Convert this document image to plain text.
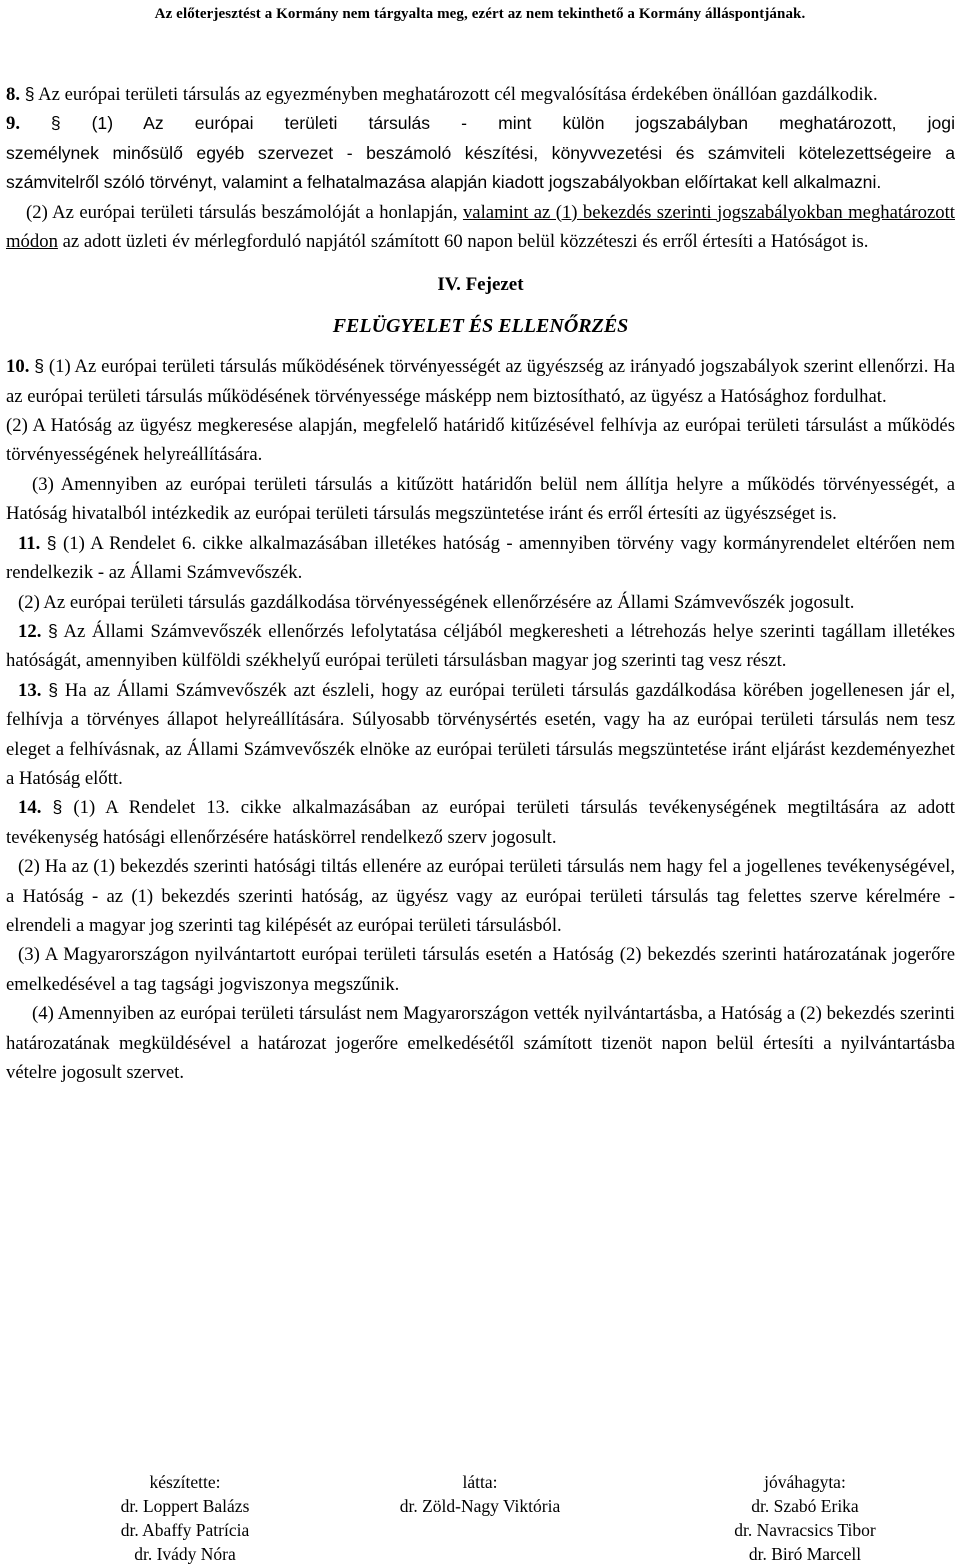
Az előterjesztést a Kormány nem tárgyalta meg, ezért az nem tekinthető a Kormány álláspontjának.

8. § Az európai területi társulás az egyezményben meghatározott cél megvalósítása érdekében önállóan gazdálkodik.

9. § (1) Az európai területi társulás - mint külön jogszabályban meghatározott, jogi

személynek minősülő egyéb szervezet - beszámoló készítési, könyvvezetési és számviteli kötelezettségeire a számvitelről szóló törvényt, valamint a felhatalmazása alapján kiadott jogszabályokban előírtakat kell alkalmazni.

(2) Az európai területi társulás beszámolóját a honlapján, valamint az (1) bekezdés szerinti jogszabályokban meghatározott módon az adott üzleti év mérlegforduló napjától számított 60 napon belül közzéteszi és erről értesíti a Hatóságot is.

IV. Fejezet
FELÜGYELET ÉS ELLENŐRZÉS

10. § (1) Az európai területi társulás működésének törvényességét az ügyészség az irányadó jogszabályok szerint ellenőrzi. Ha az európai területi társulás működésének törvényessége másképp nem biztosítható, az ügyész a Hatósághoz fordulhat.

(2) A Hatóság az ügyész megkeresése alapján, megfelelő határidő kitűzésével felhívja az európai területi társulást a működés törvényességének helyreállítására.

(3) Amennyiben az európai területi társulás a kitűzött határidőn belül nem állítja helyre a működés törvényességét, a Hatóság hivatalból intézkedik az európai területi társulás megszüntetése iránt és erről értesíti az ügyészséget is.

11. § (1) A Rendelet 6. cikke alkalmazásában illetékes hatóság - amennyiben törvény vagy kormányrendelet eltérően nem rendelkezik - az Állami Számvevőszék.

(2) Az európai területi társulás gazdálkodása törvényességének ellenőrzésére az Állami Számvevőszék jogosult.

12. § Az Állami Számvevőszék ellenőrzés lefolytatása céljából megkeresheti a létrehozás helye szerinti tagállam illetékes hatóságát, amennyiben külföldi székhelyű európai területi társulásban magyar jog szerinti tag vesz részt.

13. § Ha az Állami Számvevőszék azt észleli, hogy az európai területi társulás gazdálkodása körében jogellenesen jár el, felhívja a törvényes állapot helyreállítására. Súlyosabb törvénysértés esetén, vagy ha az európai területi társulás nem tesz eleget a felhívásnak, az Állami Számvevőszék elnöke az európai területi társulás megszüntetése iránt eljárást kezdeményezhet a Hatóság előtt.

14. § (1) A Rendelet 13. cikke alkalmazásában az európai területi társulás tevékenységének megtiltására az adott tevékenység hatósági ellenőrzésére hatáskörrel rendelkező szerv jogosult.

(2) Ha az (1) bekezdés szerinti hatósági tiltás ellenére az európai területi társulás nem hagy fel a jogellenes tevékenységével, a Hatóság - az (1) bekezdés szerinti hatóság, az ügyész vagy az európai területi társulás tag felettes szerve kérelmére - elrendeli a magyar jog szerinti tag kilépését az európai területi társulásból.

(3) A Magyarországon nyilvántartott európai területi társulás esetén a Hatóság (2) bekezdés szerinti határozatának jogerőre emelkedésével a tag tagsági jogviszonya megszűnik.

(4) Amennyiben az európai területi társulást nem Magyarországon vették nyilvántartásba, a Hatóság a (2) bekezdés szerinti határozatának megküldésével a határozat jogerőre emelkedésétől számított tizenöt napon belül értesíti a nyilvántartásba vételre jogosult szervet.

készítette:
dr. Loppert Balázs
dr. Abaffy Patrícia
dr. Ivády Nóra
látta:
dr. Zöld-Nagy Viktória
jóváhagyta:
dr. Szabó Erika
dr. Navracsics Tibor
dr. Biró Marcell
